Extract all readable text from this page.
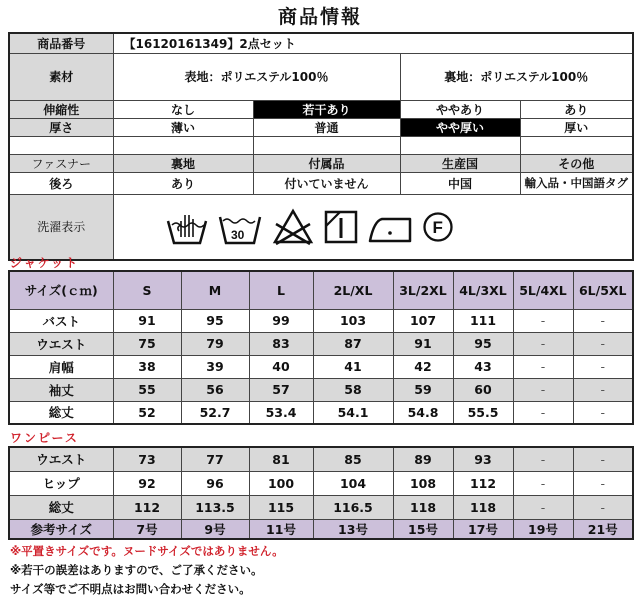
商品情報
商品番号	【16120161349】2点セット			
素材	表地：ポリエステル100％		裏地：ポリエステル100％	
伸縮性	なし	若干あり	ややあり	あり
厚さ	薄い	普通	やや厚い	厚い

ファスナー	裏地	付属品	生産国	その他
後ろ	あり	付いていません	中国	輸入品・中国語タグ
洗濯表示	30 F			
ジャケット
サイズ(ｃｍ)	S	M	L	2L/XL	3L/2XL	4L/3XL	5L/4XL	6L/5XL
バスト	91	95	99	103	107	111	-	-
ウエスト	75	79	83	87	91	95	-	-
肩幅	38	39	40	41	42	43	-	-
袖丈	55	56	57	58	59	60	-	-
総丈	52	52.7	53.4	54.1	54.8	55.5	-	-
ワンピース
ウエスト	73	77	81	85	89	93	-	-
ヒップ	92	96	100	104	108	112	-	-
総丈	112	113.5	115	116.5	118	118	-	-
参考サイズ	7号	9号	11号	13号	15号	17号	19号	21号
※平置きサイズです。ヌードサイズではありません。
※若干の誤差はありますので、ご了承ください。
サイズ等でご不明点はお問い合わせください。
